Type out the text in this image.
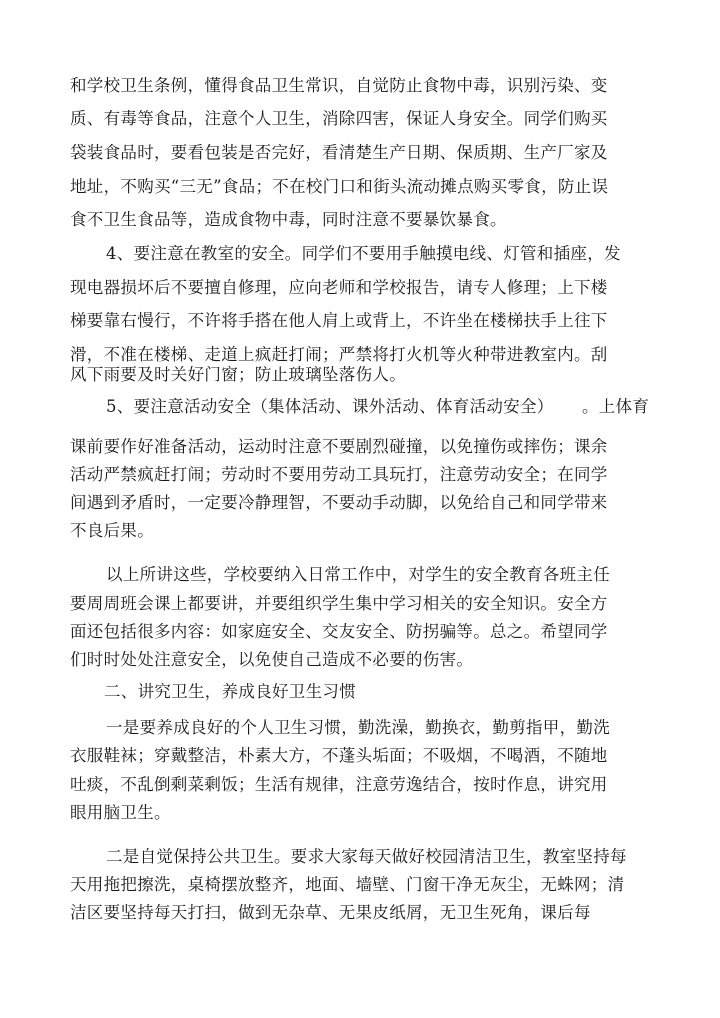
和学校卫生条例，懂得食品卫生常识，自觉防止食物中毒，识别污染、变
质、有毒等食品，注意个人卫生，消除四害，保证人身安全。同学们购买
袋装食品时，要看包装是否完好，看清楚生产日期、保质期、生产厂家及
地址，不购买“三无”食品；不在校门口和街头流动摊点购买零食，防止误
食不卫生食品等，造成食物中毒，同时注意不要暴饮暴食。
4、要注意在教室的安全。同学们不要用手触摸电线、灯管和插座，发
现电器损坏后不要擅自修理，应向老师和学校报告，请专人修理；上下楼
梯要靠右慢行，不许将手搭在他人肩上或背上，不许坐在楼梯扶手上往下
滑，不准在楼梯、走道上疯赶打闹；严禁将打火机等火种带进教室内。刮
风下雨要及时关好门窗；防止玻璃坠落伤人。
5、要注意活动安全（集体活动、课外活动、体育活动安全） 。上体育
课前要作好准备活动，运动时注意不要剧烈碰撞，以免撞伤或摔伤；课余
活动严禁疯赶打闹；劳动时不要用劳动工具玩打，注意劳动安全；在同学
间遇到矛盾时，一定要冷静理智，不要动手动脚，以免给自己和同学带来
不良后果。
以上所讲这些，学校要纳入日常工作中，对学生的安全教育各班主任
要周周班会课上都要讲，并要组织学生集中学习相关的安全知识。安全方
面还包括很多内容：如家庭安全、交友安全、防拐骗等。总之。希望同学
们时时处处注意安全，以免使自己造成不必要的伤害。
二、讲究卫生，养成良好卫生习惯
一是要养成良好的个人卫生习惯，勤洗澡，勤换衣，勤剪指甲，勤洗
衣服鞋袜；穿戴整洁，朴素大方，不蓬头垢面；不吸烟，不喝酒，不随地
吐痰，不乱倒剩菜剩饭；生活有规律，注意劳逸结合，按时作息，讲究用
眼用脑卫生。
二是自觉保持公共卫生。要求大家每天做好校园清洁卫生，教室坚持每
天用拖把擦洗，桌椅摆放整齐，地面、墙壁、门窗干净无灰尘，无蛛网；清
洁区要坚持每天打扫，做到无杂草、无果皮纸屑，无卫生死角，课后每
